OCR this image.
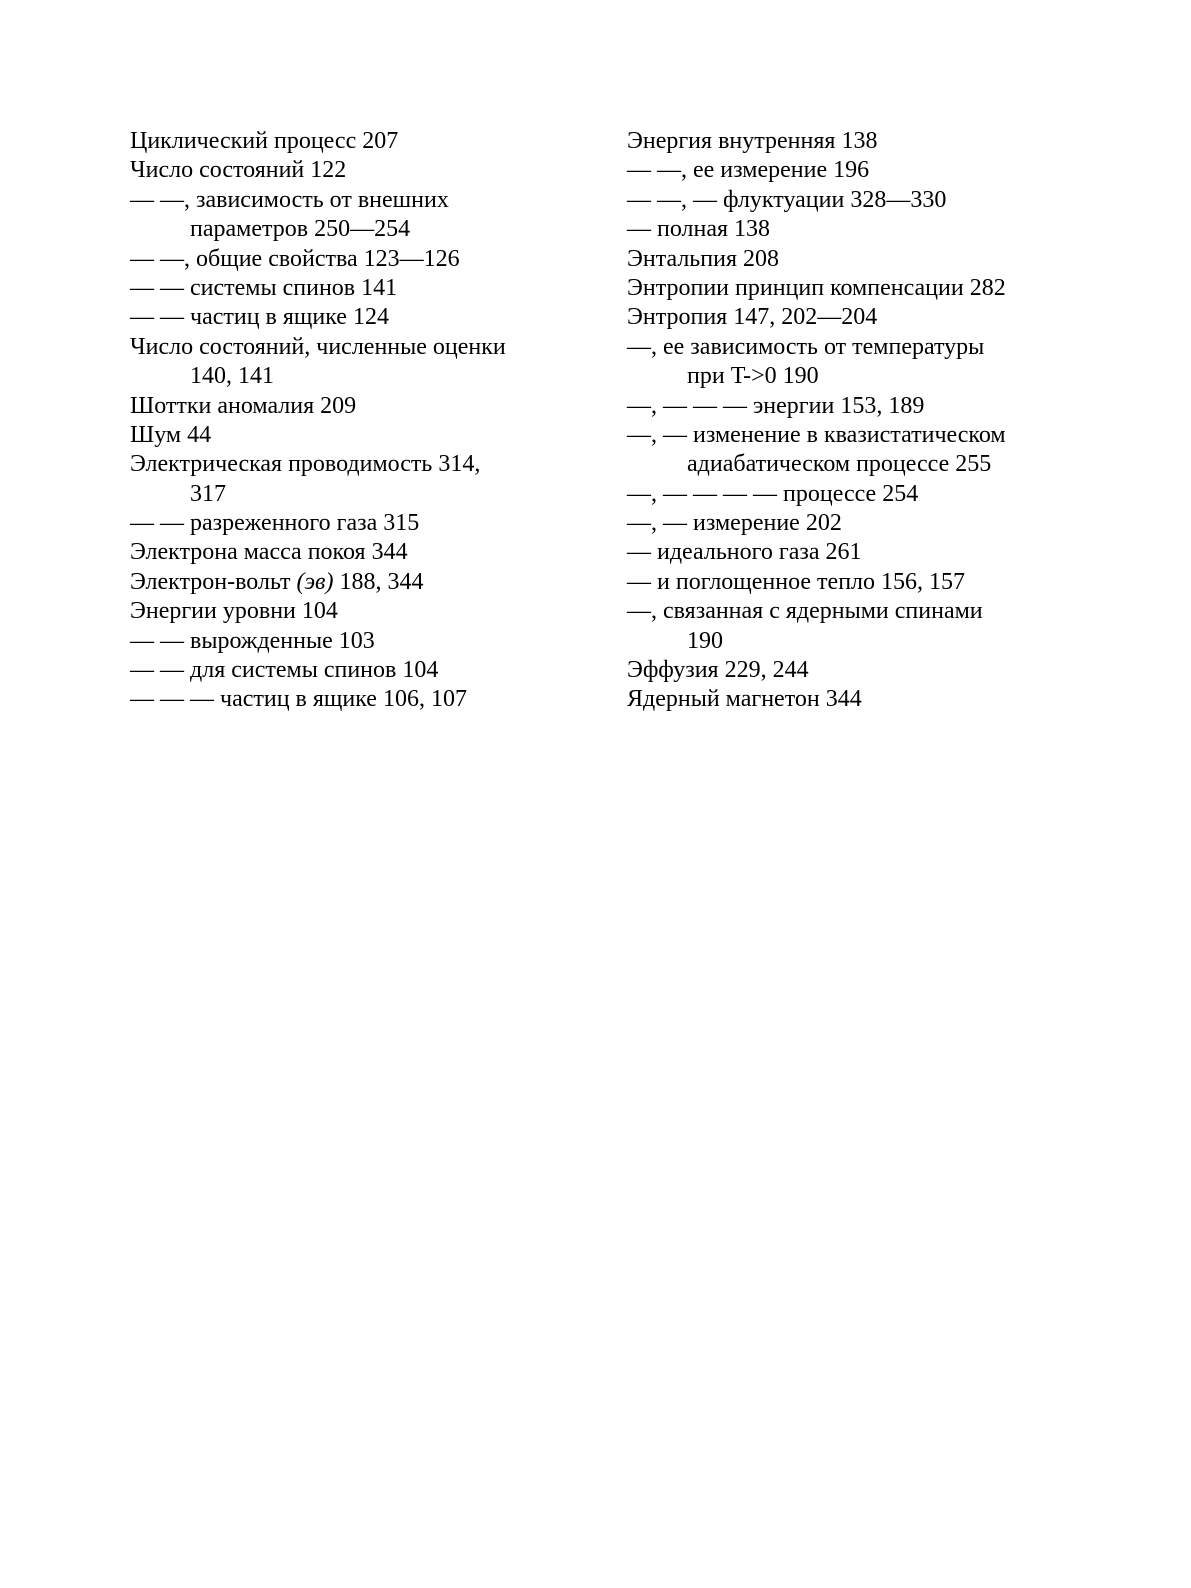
Циклический процесс 207
Число состояний 122
— —, зависимость от внешних
параметров 250—254
— —, общие свойства 123—126
— — системы спинов 141
— — частиц в ящике 124
Число состояний, численные оценки
140, 141
Шоттки аномалия 209
Шум 44
Электрическая проводимость 314,
317
— — разреженного газа 315
Электрона масса покоя 344
Электрон-вольт (эв) 188, 344
Энергии уровни 104
— — вырожденные 103
— — для системы спинов 104
— — — частиц в ящике 106, 107
Энергия внутренняя 138
— —, ее измерение 196
— —, — флуктуации 328—330
— полная 138
Энтальпия 208
Энтропии принцип компенсации 282
Энтропия 147, 202—204
—, ее зависимость от температуры
при T->0 190
—, — — — энергии 153, 189
—, — изменение в квазистатическом
адиабатическом процессе 255
—, — — — — процессе 254
—, — измерение 202
— идеального газа 261
— и поглощенное тепло 156, 157
—, связанная с ядерными спинами
190
Эффузия 229, 244
Ядерный магнетон 344
